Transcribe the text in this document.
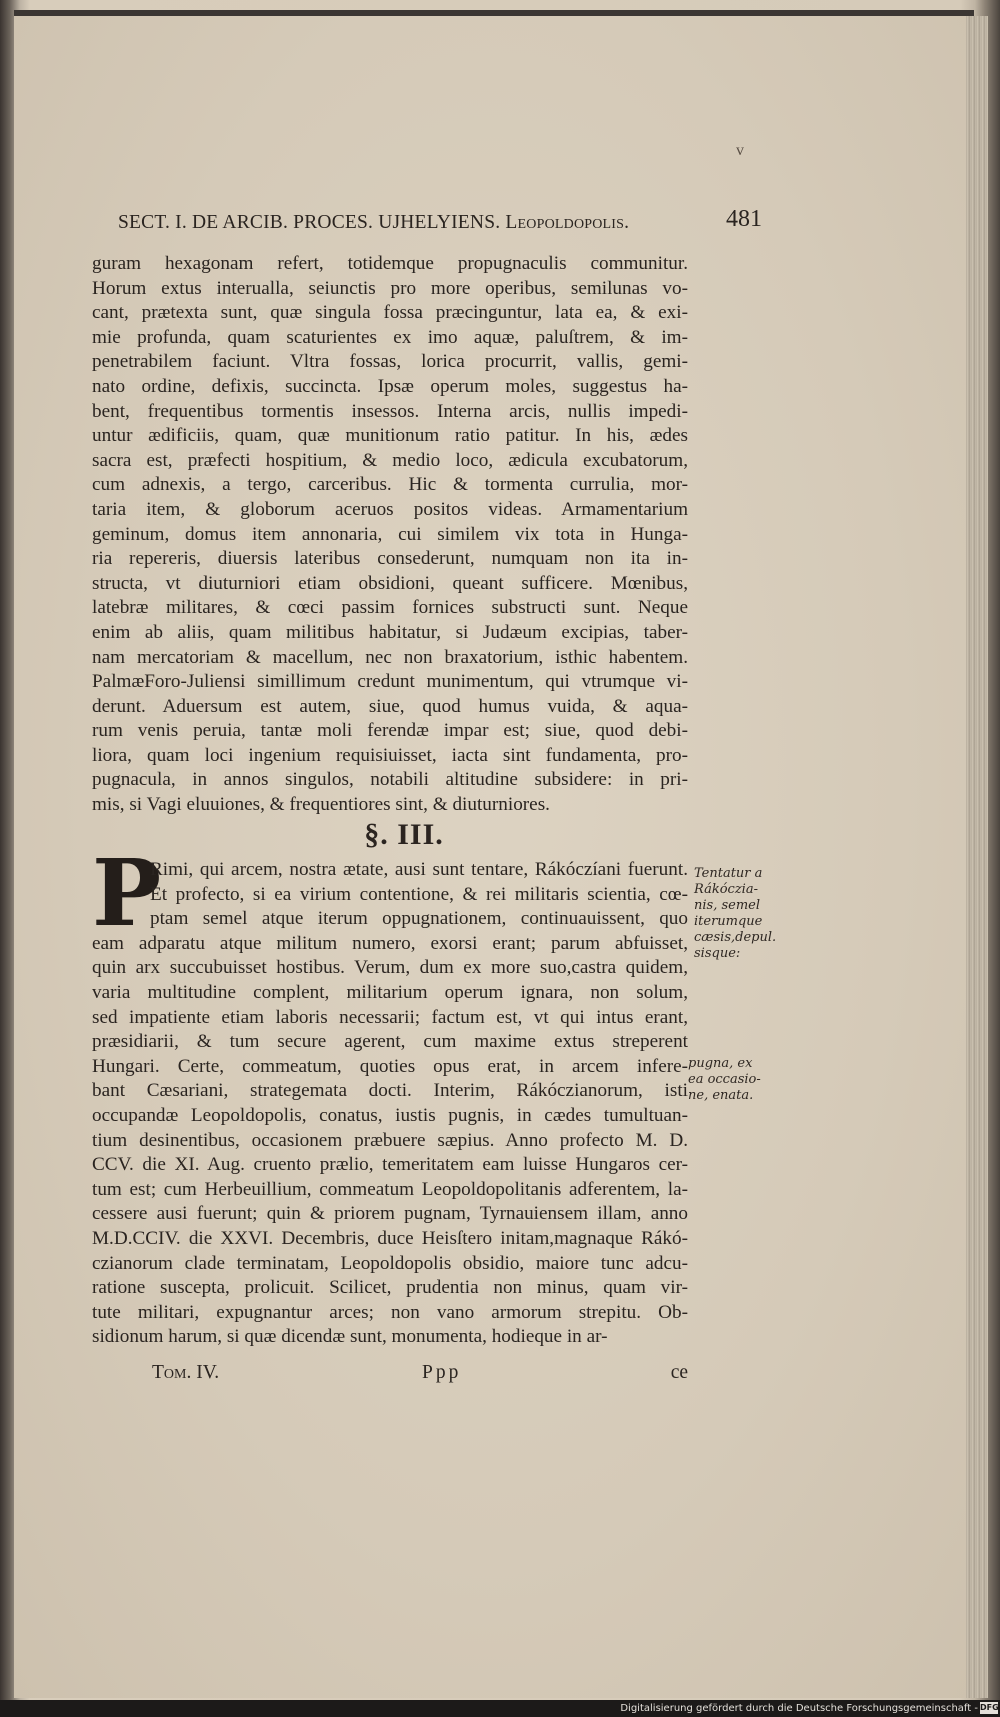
v
SECT. I. DE ARCIB. PROCES. UJHELYIENS. Leopoldopolis.	481
guram hexagonam refert, totidemque propugnaculis communitur.
Horum extus interualla, seiunctis pro more operibus, semilunas vo-
cant, prætexta sunt, quæ singula fossa præcinguntur, lata ea, & exi-
mie profunda, quam scaturientes ex imo aquæ, paluſtrem, & im-
penetrabilem faciunt. Vltra fossas, lorica procurrit, vallis, gemi-
nato ordine, defixis, succincta. Ipsæ operum moles, suggestus ha-
bent, frequentibus tormentis insessos. Interna arcis, nullis impedi-
untur ædificiis, quam, quæ munitionum ratio patitur. In his, ædes
sacra est, præfecti hospitium, & medio loco, ædicula excubatorum,
cum adnexis, a tergo, carceribus. Hic & tormenta currulia, mor-
taria item, & globorum aceruos positos videas. Armamentarium
geminum, domus item annonaria, cui similem vix tota in Hunga-
ria repereris, diuersis lateribus consederunt, numquam non ita in-
structa, vt diuturniori etiam obsidioni, queant sufficere. Mœnibus,
latebræ militares, & cœci passim fornices substructi sunt. Neque
enim ab aliis, quam militibus habitatur, si Judæum excipias, taber-
nam mercatoriam & macellum, nec non braxatorium, isthic habentem.
PalmæForo-Juliensi simillimum credunt munimentum, qui vtrumque vi-
derunt. Aduersum est autem, siue, quod humus vuida, & aqua-
rum venis peruia, tantæ moli ferendæ impar est; siue, quod debi-
liora, quam loci ingenium requisiuisset, iacta sint fundamenta, pro-
pugnacula, in annos singulos, notabili altitudine subsidere: in pri-
mis, si Vagi eluuiones, & frequentiores sint, & diuturniores.
§. III.
P
Rimi, qui arcem, nostra ætate, ausi sunt tentare, Rákóczíani fuerunt.
Et profecto, si ea virium contentione, & rei militaris scientia, cœ-
ptam semel atque iterum oppugnationem, continuauissent, quo
eam adparatu atque militum numero, exorsi erant; parum abfuisset,
quin arx succubuisset hostibus. Verum, dum ex more suo,castra quidem,
varia multitudine complent, militarium operum ignara, non solum,
sed impatiente etiam laboris necessarii; factum est, vt qui intus erant,
præsidiarii, & tum secure agerent, cum maxime extus streperent
Hungari. Certe, commeatum, quoties opus erat, in arcem infere-
bant Cæsariani, strategemata docti. Interim, Rákóczianorum, isti
occupandæ Leopoldopolis, conatus, iustis pugnis, in cædes tumultuan-
tium desinentibus, occasionem præbuere sæpius. Anno profecto M. D.
CCV. die XI. Aug. cruento prælio, temeritatem eam luisse Hungaros cer-
tum est; cum Herbeuillium, commeatum Leopoldopolitanis adferentem, la-
cessere ausi fuerunt; quin & priorem pugnam, Tyrnauiensem illam, anno
M.D.CCIV. die XXVI. Decembris, duce Heisſtero initam,magnaque Rákó-
czianorum clade terminatam, Leopoldopolis obsidio, maiore tunc adcu-
ratione suscepta, prolicuit. Scilicet, prudentia non minus, quam vir-
tute militari, expugnantur arces; non vano armorum strepitu. Ob-
sidionum harum, si quæ dicendæ sunt, monumenta, hodieque in ar-
Tentatur a
Rákóczia-
nis, semel
iterumque
cæsis,depul.
sisque:
pugna, ex
ea occasio-
ne, enata.
Tom. IV.	Ppp	ce
Digitalisierung gefördert durch die Deutsche Forschungsgemeinschaft - DFG
